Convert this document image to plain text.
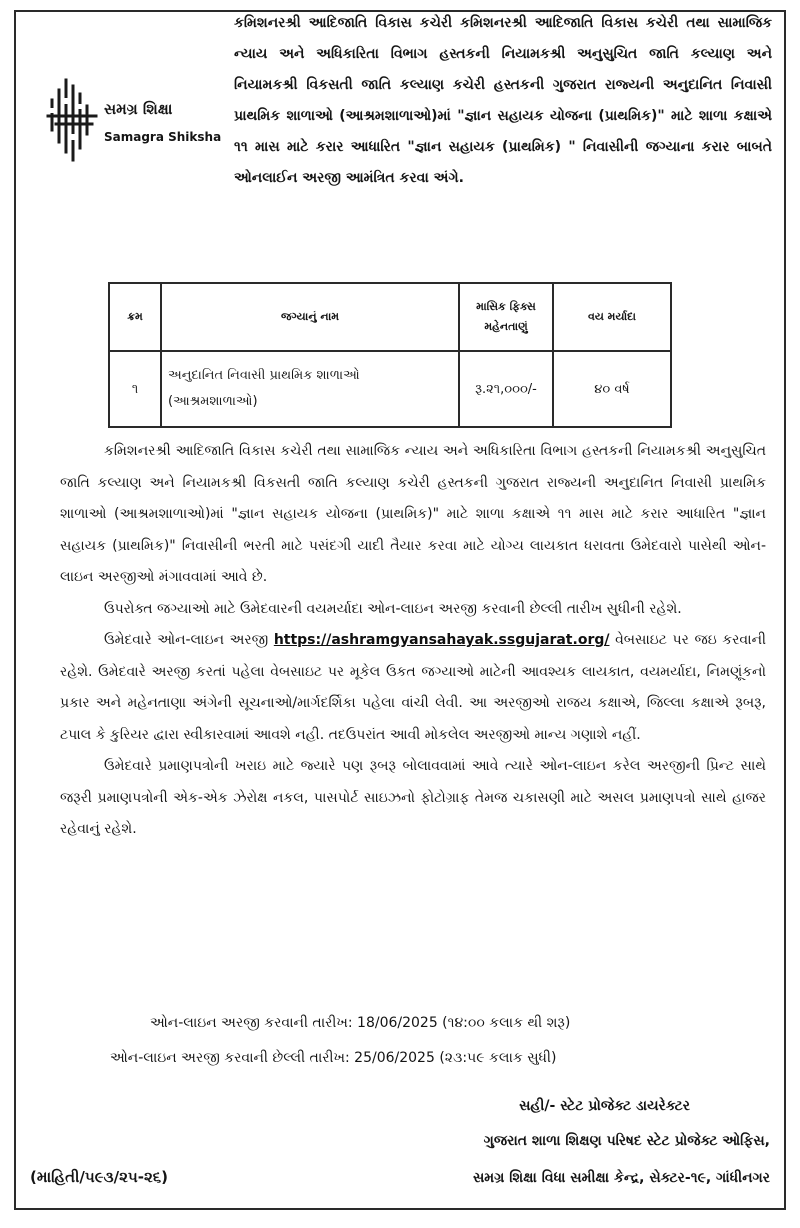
સમગ્ર શિક્ષા
Samagra Shiksha
કમિશનરશ્રી આદિજાતિ વિકાસ કચેરી કમિશનરશ્રી આદિજાતિ વિકાસ કચેરી તથા સામાજિક ન્યાય અને અધિકારિતા વિભાગ હસ્તકની નિયામકશ્રી અનુસુચિત જાતિ કલ્યાણ અને નિયામકશ્રી વિકસતી જાતિ કલ્યાણ કચેરી હસ્તકની ગુજરાત રાજ્યની અનુદાનિત નિવાસી પ્રાથમિક શાળાઓ (આશ્રમશાળાઓ)માં "જ્ઞાન સહાયક યોજના (પ્રાથમિક)" માટે શાળા કક્ષાએ ૧૧ માસ માટે કરાર આધારિત "જ્ઞાન સહાયક (પ્રાથમિક) " નિવાસીની જગ્યાના કરાર બાબતે ઓનલાઈન અરજી આમંત્રિત કરવા અંગે.
ક્રમ	જગ્યાનું નામ	માસિક ફિક્સ મહેનતાણું	વય મર્યાદા
૧	અનુદાનિત નિવાસી પ્રાથમિક શાળાઓ
(આશ્રમશાળાઓ)	રૂ.૨૧,૦૦૦/-	૪૦ વર્ષ

કમિશનરશ્રી આદિજાતિ વિકાસ કચેરી તથા સામાજિક ન્યાય અને અધિકારિતા વિભાગ હસ્તકની નિયામકશ્રી અનુસુચિત જાતિ કલ્યાણ અને નિયામકશ્રી વિકસતી જાતિ કલ્યાણ કચેરી હસ્તકની ગુજરાત રાજ્યની અનુદાનિત નિવાસી પ્રાથમિક શાળાઓ (આશ્રમશાળાઓ)માં "જ્ઞાન સહાયક યોજના (પ્રાથમિક)" માટે શાળા કક્ષાએ ૧૧ માસ માટે કરાર આધારિત "જ્ઞાન સહાયક (પ્રાથમિક)" નિવાસીની ભરતી માટે પસંદગી યાદી તૈયાર કરવા માટે યોગ્ય લાયકાત ધરાવતા ઉમેદવારો પાસેથી ઓન-લાઇન અરજીઓ મંગાવવામાં આવે છે.

ઉપરોક્ત જગ્યાઓ માટે ઉમેદવારની વયમર્યાદા ઓન-લાઇન અરજી કરવાની છેલ્લી તારીખ સુધીની રહેશે.

ઉમેદવારે ઓન-લાઇન અરજી https://ashramgyansahayak.ssgujarat.org/ વેબસાઇટ પર જઇ કરવાની રહેશે. ઉમેદવારે અરજી કરતાં પહેલા વેબસાઇટ પર મૂકેલ ઉકત જગ્યાઓ માટેની આવશ્યક લાયકાત, વયમર્યાદા, નિમણૂંકનો પ્રકાર અને મહેનતાણા અંગેની સૂચનાઓ/માર્ગદર્શિકા પહેલા વાંચી લેવી. આ અરજીઓ રાજય કક્ષાએ, જિલ્લા કક્ષાએ રૂબરૂ, ટપાલ કે કુરિયર દ્વારા સ્વીકારવામાં આવશે નહી. તદઉપરાંત આવી મોકલેલ અરજીઓ માન્ય ગણાશે નહીં.

ઉમેદવારે પ્રમાણપત્રોની ખરાઇ માટે જ્યારે પણ રૂબરૂ બોલાવવામાં આવે ત્યારે ઓન-લાઇન કરેલ અરજીની પ્રિન્ટ સાથે જરૂરી પ્રમાણપત્રોની એક-એક ઝેરોક્ષ નકલ, પાસપોર્ટ સાઇઝનો ફોટોગ્રાફ તેમજ ચકાસણી માટે અસલ પ્રમાણપત્રો સાથે હાજર રહેવાનું રહેશે.

ઓન-લાઇન અરજી કરવાની તારીખ: 18/06/2025 (૧૪:૦૦ કલાક થી શરૂ)
ઓન-લાઇન અરજી કરવાની છેલ્લી તારીખ: 25/06/2025 (૨૩:૫૯ કલાક સુધી)
સહી/- સ્ટેટ પ્રોજેક્ટ ડાયરેક્ટર
ગુજરાત શાળા શિક્ષણ પરિષદ સ્ટેટ પ્રોજેક્ટ ઓફિસ,
સમગ્ર શિક્ષા વિધા સમીક્ષા કેન્દ્ર, સેક્ટર-૧૯, ગાંધીનગર
(માહિતી/૫૯૩/૨૫-૨૬)
